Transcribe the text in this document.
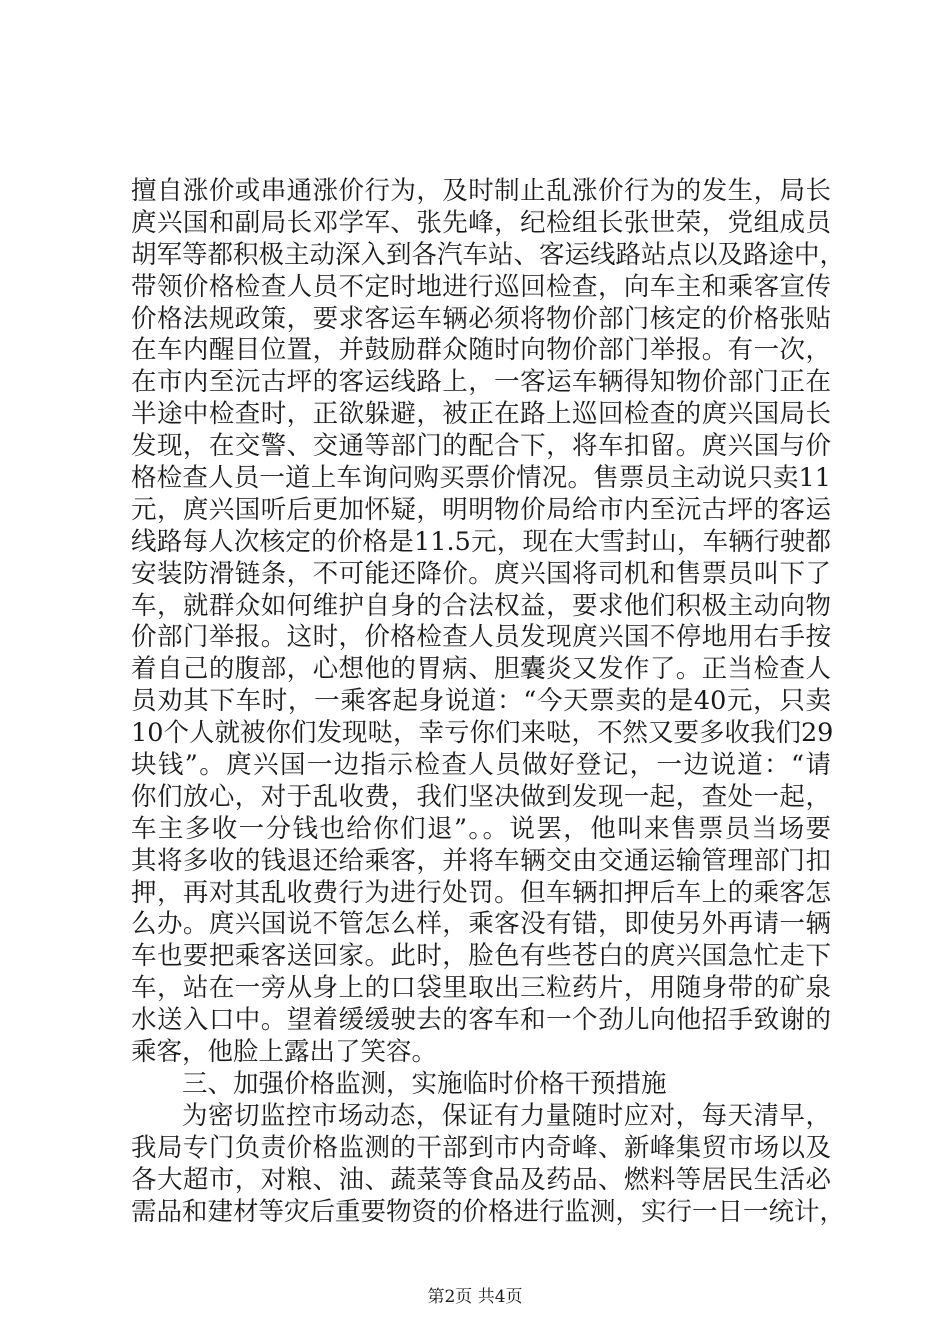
擅自涨价或串通涨价行为，及时制止乱涨价行为的发生，局长
庹兴国和副局长邓学军、张先峰，纪检组长张世荣，党组成员
胡军等都积极主动深入到各汽车站、客运线路站点以及路途中，
带领价格检查人员不定时地进行巡回检查，向车主和乘客宣传
价格法规政策，要求客运车辆必须将物价部门核定的价格张贴
在车内醒目位置，并鼓励群众随时向物价部门举报。有一次，
在市内至沅古坪的客运线路上，一客运车辆得知物价部门正在
半途中检查时，正欲躲避，被正在路上巡回检查的庹兴国局长
发现，在交警、交通等部门的配合下，将车扣留。庹兴国与价
格检查人员一道上车询问购买票价情况。售票员主动说只卖11
元，庹兴国听后更加怀疑，明明物价局给市内至沅古坪的客运
线路每人次核定的价格是11.5元，现在大雪封山，车辆行驶都
安装防滑链条，不可能还降价。庹兴国将司机和售票员叫下了
车，就群众如何维护自身的合法权益，要求他们积极主动向物
价部门举报。这时，价格检查人员发现庹兴国不停地用右手按
着自己的腹部，心想他的胃病、胆囊炎又发作了。正当检查人
员劝其下车时，一乘客起身说道：“今天票卖的是40元，只卖
10个人就被你们发现哒，幸亏你们来哒，不然又要多收我们29
块钱”。庹兴国一边指示检查人员做好登记，一边说道：“请
你们放心，对于乱收费，我们坚决做到发现一起，查处一起，
车主多收一分钱也给你们退”。。说罢，他叫来售票员当场要
其将多收的钱退还给乘客，并将车辆交由交通运输管理部门扣
押，再对其乱收费行为进行处罚。但车辆扣押后车上的乘客怎
么办。庹兴国说不管怎么样，乘客没有错，即使另外再请一辆
车也要把乘客送回家。此时，脸色有些苍白的庹兴国急忙走下
车，站在一旁从身上的口袋里取出三粒药片，用随身带的矿泉
水送入口中。望着缓缓驶去的客车和一个劲儿向他招手致谢的
乘客，他脸上露出了笑容。
三、加强价格监测，实施临时价格干预措施
为密切监控市场动态，保证有力量随时应对，每天清早，
我局专门负责价格监测的干部到市内奇峰、新峰集贸市场以及
各大超市，对粮、油、蔬菜等食品及药品、燃料等居民生活必
需品和建材等灾后重要物资的价格进行监测，实行一日一统计，
第2页 共4页
